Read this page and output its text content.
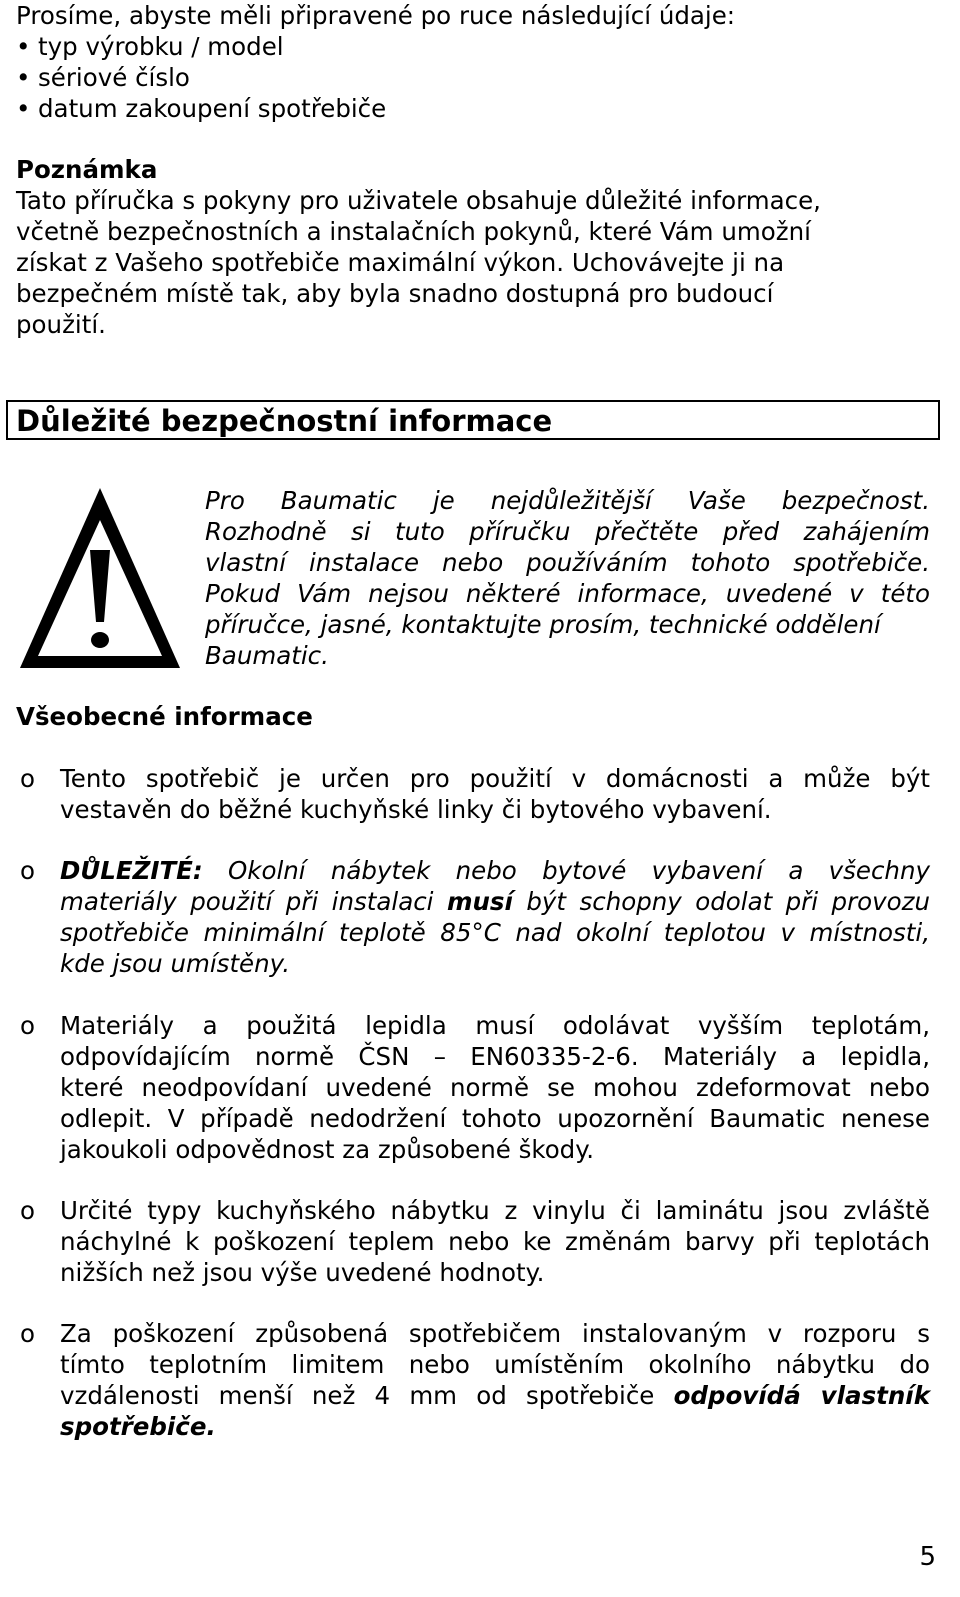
Prosíme, abyste měli připravené po ruce následující údaje:

• typ výrobku / model
• sériové číslo
• datum zakoupení spotřebiče

Poznámka

Tato příručka s pokyny pro uživatele obsahuje důležité informace,
včetně bezpečnostních a instalačních pokynů, které Vám umožní
získat z Vašeho spotřebiče maximální výkon. Uchovávejte ji na
bezpečném místě tak, aby byla snadno dostupná pro budoucí
použití.
Důležité bezpečnostní informace
Pro Baumatic je nejdůležitější Vaše bezpečnost.
Rozhodně si tuto příručku přečtěte před zahájením
vlastní instalace nebo používáním tohoto spotřebiče.
Pokud Vám nejsou některé informace, uvedené v této
příručce, jasné, kontaktujte prosím, technické oddělení
Baumatic.

Všeobecné informace

o Tento spotřebič je určen pro použití v domácnosti a může být
vestavěn do běžné kuchyňské linky či bytového vybavení.
o DŮLEŽITÉ: Okolní nábytek nebo bytové vybavení a všechny
materiály použití při instalaci musí být schopny odolat při provozu
spotřebiče minimální teplotě 85°C nad okolní teplotou v místnosti,
kde jsou umístěny.
o Materiály a použitá lepidla musí odolávat vyšším teplotám,
odpovídajícím normě ČSN – EN60335-2-6. Materiály a lepidla,
které neodpovídaní uvedené normě se mohou zdeformovat nebo
odlepit. V případě nedodržení tohoto upozornění Baumatic nenese
jakoukoli odpovědnost za způsobené škody.
o Určité typy kuchyňského nábytku z vinylu či laminátu jsou zvláště
náchylné k poškození teplem nebo ke změnám barvy při teplotách
nižších než jsou výše uvedené hodnoty.
o Za poškození způsobená spotřebičem instalovaným v rozporu s
tímto teplotním limitem nebo umístěním okolního nábytku do
vzdálenosti menší než 4 mm od spotřebiče odpovídá vlastník
spotřebiče.
5
